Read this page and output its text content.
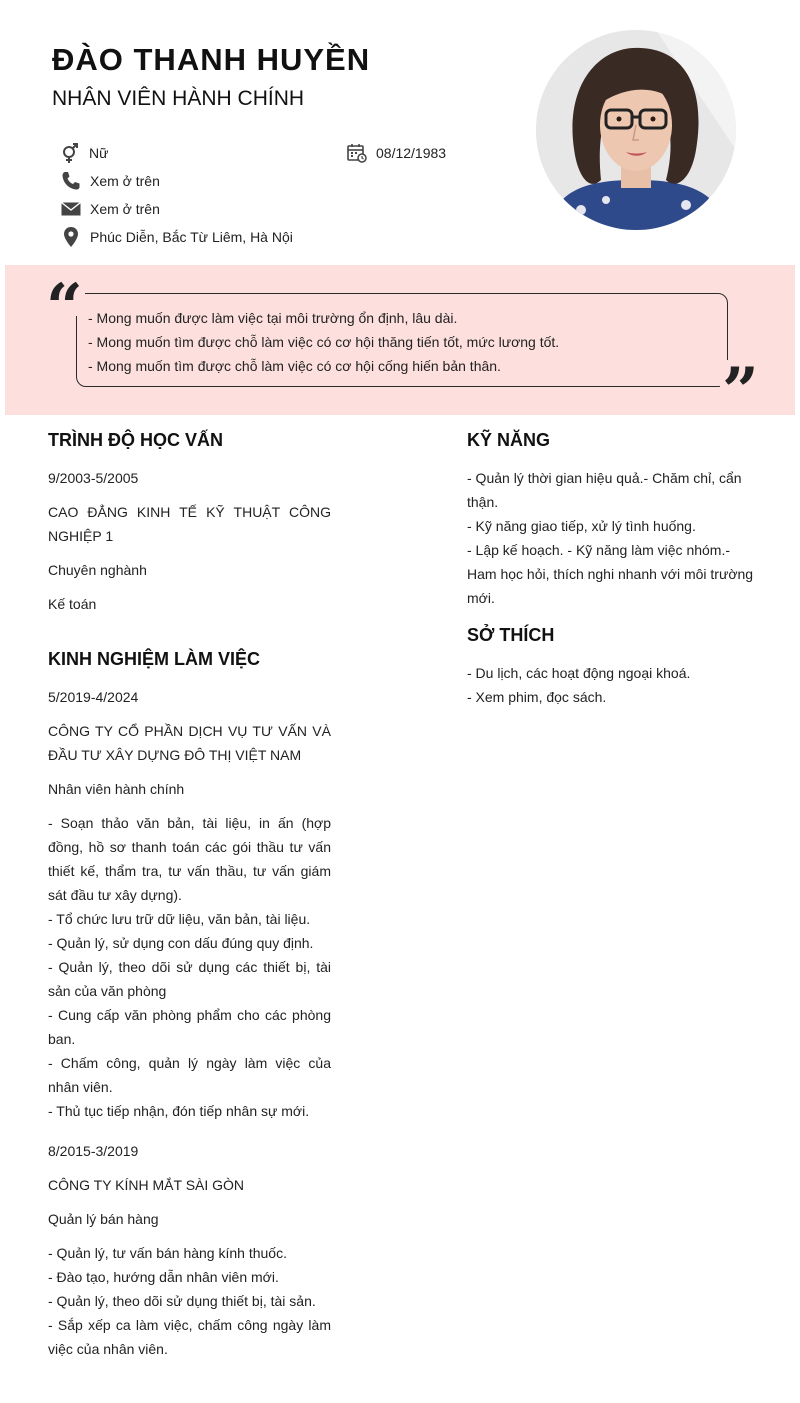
ĐÀO THANH HUYỀN
NHÂN VIÊN HÀNH CHÍNH
Nữ	08/12/1983
Xem ở trên
Xem ở trên
Phúc Diễn, Bắc Từ Liêm, Hà Nội

- Mong muốn được làm việc tại môi trường ổn định, lâu dài.

- Mong muốn tìm được chỗ làm việc có cơ hội thăng tiến tốt, mức lương tốt.

- Mong muốn tìm được chỗ làm việc có cơ hội cống hiến bản thân.

“
”
TRÌNH ĐỘ HỌC VẤN
9/2003-5/2005
CAO ĐẲNG KINH TẾ KỸ THUẬT CÔNG NGHIỆP 1
Chuyên nghành
Kế toán
KINH NGHIỆM LÀM VIỆC
5/2019-4/2024
CÔNG TY CỔ PHẦN DỊCH VỤ TƯ VẤN VÀ ĐẦU TƯ XÂY DỰNG ĐÔ THỊ VIỆT NAM
Nhân viên hành chính
- Soạn thảo văn bản, tài liệu, in ấn (hợp đồng, hồ sơ thanh toán các gói thầu tư vấn thiết kế, thẩm tra, tư vấn thầu, tư vấn giám sát đầu tư xây dựng).
- Tổ chức lưu trữ dữ liệu, văn bản, tài liệu.
- Quản lý, sử dụng con dấu đúng quy định.
- Quản lý, theo dõi sử dụng các thiết bị, tài sản của văn phòng
- Cung cấp văn phòng phẩm cho các phòng ban.
- Chấm công, quản lý ngày làm việc của nhân viên.
- Thủ tục tiếp nhận, đón tiếp nhân sự mới.
8/2015-3/2019
CÔNG TY KÍNH MẮT SÀI GÒN
Quản lý bán hàng
- Quản lý, tư vấn bán hàng kính thuốc.
- Đào tạo, hướng dẫn nhân viên mới.
- Quản lý, theo dõi sử dụng thiết bị, tài sản.
- Sắp xếp ca làm việc, chấm công ngày làm việc của nhân viên.
KỸ NĂNG
- Quản lý thời gian hiệu quả.- Chăm chỉ, cẩn thận.
- Kỹ năng giao tiếp, xử lý tình huống.
- Lập kế hoạch. - Kỹ năng làm việc nhóm.- Ham học hỏi, thích nghi nhanh với môi trường mới.
SỞ THÍCH
- Du lịch, các hoạt động ngoại khoá.
- Xem phim, đọc sách.
